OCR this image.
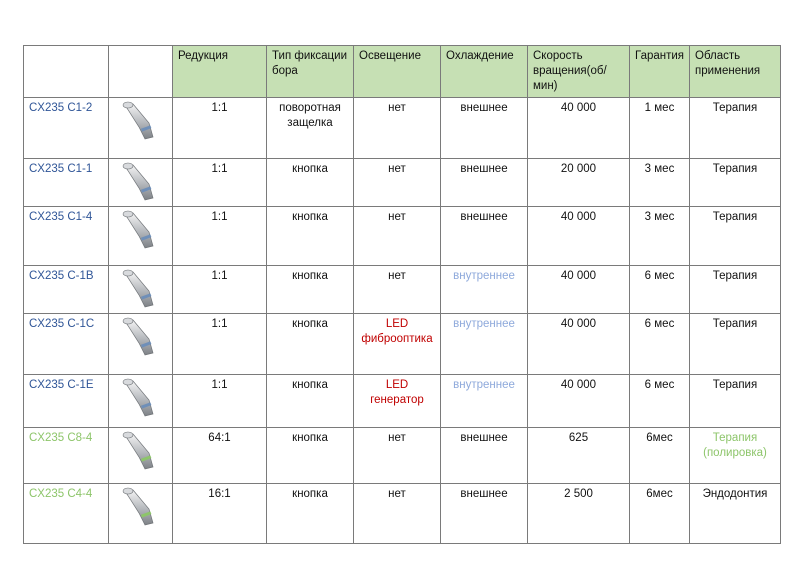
		Редукция	Тип фиксации бора	Освещение	Охлаждение	Скорость вращения(об/мин)	Гарантия	Область применения
CX235 C1-2		1:1	поворотная защелка	нет	внешнее	40 000	1 мес	Терапия
CX235 C1-1		1:1	кнопка	нет	внешнее	20 000	3 мес	Терапия
CX235 C1-4		1:1	кнопка	нет	внешнее	40 000	3 мес	Терапия
CX235 C-1B		1:1	кнопка	нет	внутреннее	40 000	6 мес	Терапия
CX235 C-1C		1:1	кнопка	LED фиброоптика	внутреннее	40 000	6 мес	Терапия
CX235 C-1E		1:1	кнопка	LED генератор	внутреннее	40 000	6 мес	Терапия
CX235 C8-4		64:1	кнопка	нет	внешнее	625	6мес	Терапия (полировка)
CX235 C4-4		16:1	кнопка	нет	внешнее	2 500	6мес	Эндодонтия
